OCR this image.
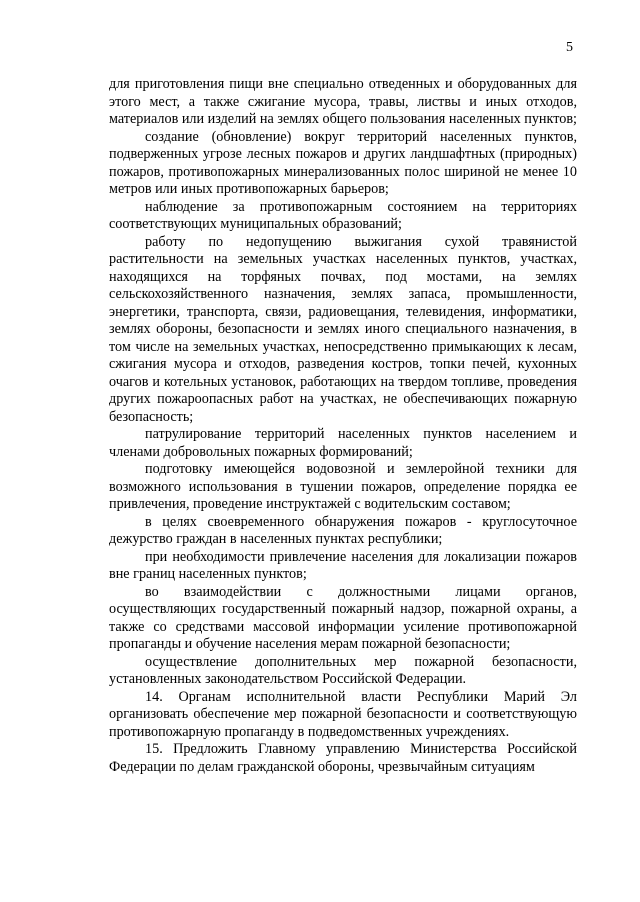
5

для приготовления пищи вне специально отведенных и оборудованных для этого мест, а также сжигание мусора, травы, листвы и иных отходов, материалов или изделий на землях общего пользования населенных пунктов;

создание (обновление) вокруг территорий населенных пунктов, подверженных угрозе лесных пожаров и других ландшафтных (природных) пожаров, противопожарных минерализованных полос шириной не менее 10 метров или иных противопожарных барьеров;

наблюдение за противопожарным состоянием на территориях соответствующих муниципальных образований;

работу по недопущению выжигания сухой травянистой растительности на земельных участках населенных пунктов, участках, находящихся на торфяных почвах, под мостами, на землях сельскохозяйственного назначения, землях запаса, промышленности, энергетики, транспорта, связи, радиовещания, телевидения, информатики, землях обороны, безопасности и землях иного специального назначения, в том числе на земельных участках, непосредственно примыкающих к лесам, сжигания мусора и отходов, разведения костров, топки печей, кухонных очагов и котельных установок, работающих на твердом топливе, проведения других пожароопасных работ на участках, не обеспечивающих пожарную безопасность;

патрулирование территорий населенных пунктов населением и членами добровольных пожарных формирований;

подготовку имеющейся водовозной и землеройной техники для возможного использования в тушении пожаров, определение порядка ее привлечения, проведение инструктажей с водительским составом;

в целях своевременного обнаружения пожаров - круглосуточное дежурство граждан в населенных пунктах республики;

при необходимости привлечение населения для локализации пожаров вне границ населенных пунктов;

во взаимодействии с должностными лицами органов, осуществляющих государственный пожарный надзор, пожарной охраны, а также со средствами массовой информации усиление противопожарной пропаганды и обучение населения мерам пожарной безопасности;

осуществление дополнительных мер пожарной безопасности, установленных законодательством Российской Федерации.

14. Органам исполнительной власти Республики Марий Эл организовать обеспечение мер пожарной безопасности и соответствующую противопожарную пропаганду в подведомственных учреждениях.

15. Предложить Главному управлению Министерства Российской Федерации по делам гражданской обороны, чрезвычайным ситуациям
